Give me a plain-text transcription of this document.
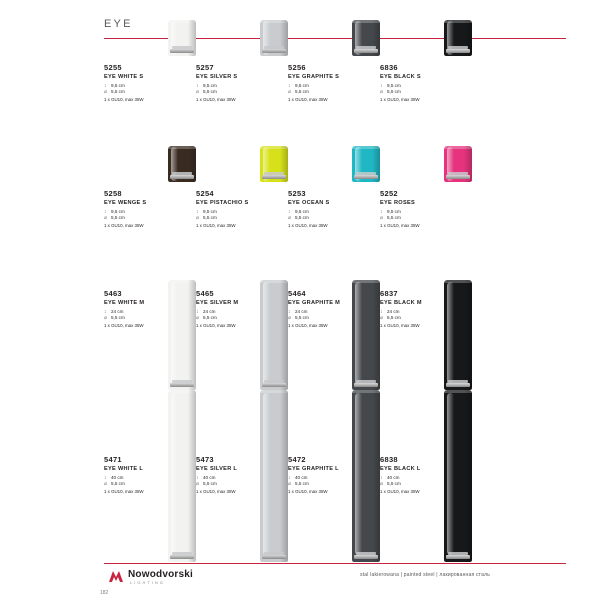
EYE
5255
EYE WHITE S
↕ 9,5 cm
⌀ 5,5 cm
1 x GU10, max 35W
5257
EYE SILVER S
↕ 9,5 cm
⌀ 5,5 cm
1 x GU10, max 35W
5256
EYE GRAPHITE S
↕ 9,5 cm
⌀ 5,5 cm
1 x GU10, max 35W
6836
EYE BLACK S
↕ 9,5 cm
⌀ 5,5 cm
1 x GU10, max 35W
5258
EYE WENGE S
↕ 9,5 cm
⌀ 5,5 cm
1 x GU10, max 35W
5254
EYE PISTACHIO S
↕ 9,5 cm
⌀ 5,5 cm
1 x GU10, max 35W
5253
EYE OCEAN S
↕ 9,5 cm
⌀ 5,5 cm
1 x GU10, max 35W
5252
EYE ROSES
↕ 9,5 cm
⌀ 5,5 cm
1 x GU10, max 35W
5463
EYE WHITE M
↕ 24 cm
⌀ 5,5 cm
1 x GU10, max 35W
5465
EYE SILVER M
↕ 24 cm
⌀ 5,5 cm
1 x GU10, max 35W
5464
EYE GRAPHITE M
↕ 24 cm
⌀ 5,5 cm
1 x GU10, max 35W
6837
EYE BLACK M
↕ 24 cm
⌀ 5,5 cm
1 x GU10, max 35W
5471
EYE WHITE L
↕ 40 cm
⌀ 5,5 cm
1 x GU10, max 35W
5473
EYE SILVER L
↕ 40 cm
⌀ 5,5 cm
1 x GU10, max 35W
5472
EYE GRAPHITE L
↕ 40 cm
⌀ 5,5 cm
1 x GU10, max 35W
6838
EYE BLACK L
↕ 40 cm
⌀ 5,5 cm
1 x GU10, max 35W
Nowodvorski
LIGHTING
stal lakierowana | painted steel | лакированная сталь
182
